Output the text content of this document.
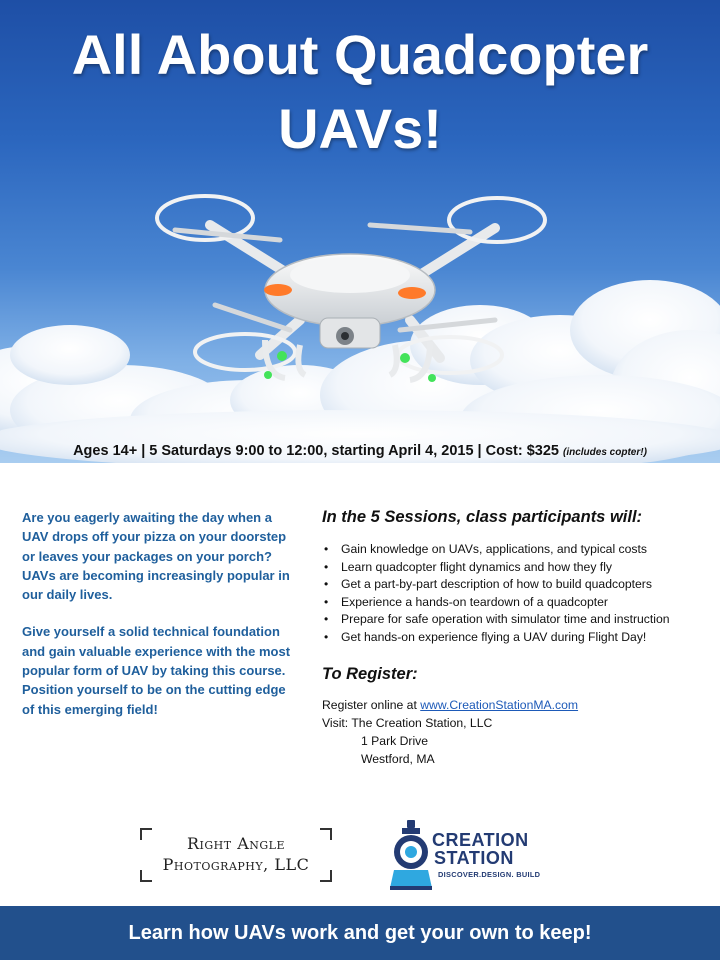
All About Quadcopter
UAVs!
Ages 14+ | 5 Saturdays 9:00 to 12:00, starting April 4, 2015 | Cost: $325 (includes copter!)

Are you eagerly awaiting the day when a UAV drops off your pizza on your doorstep or leaves your packages on your porch? UAVs are becoming increasingly popular in our daily lives.

Give yourself a solid technical foundation and gain valuable experience with the most popular form of UAV by taking this course. Position yourself to be on the cutting edge of this emerging field!

In the 5 Sessions, class participants will:
• Gain knowledge on UAVs, applications, and typical costs
• Learn quadcopter flight dynamics and how they fly
• Get a part-by-part description of how to build quadcopters
• Experience a hands-on teardown of a quadcopter
• Prepare for safe operation with simulator time and instruction
• Get hands-on experience flying a UAV during Flight Day!
To Register:
Register online at www.CreationStationMA.com
Visit: The Creation Station, LLC
1 Park Drive
Westford, MA
Right Angle
Photography, LLC
CREATION
STATION
DISCOVER.DESIGN. BUILD
Learn how UAVs work and get your own to keep!
